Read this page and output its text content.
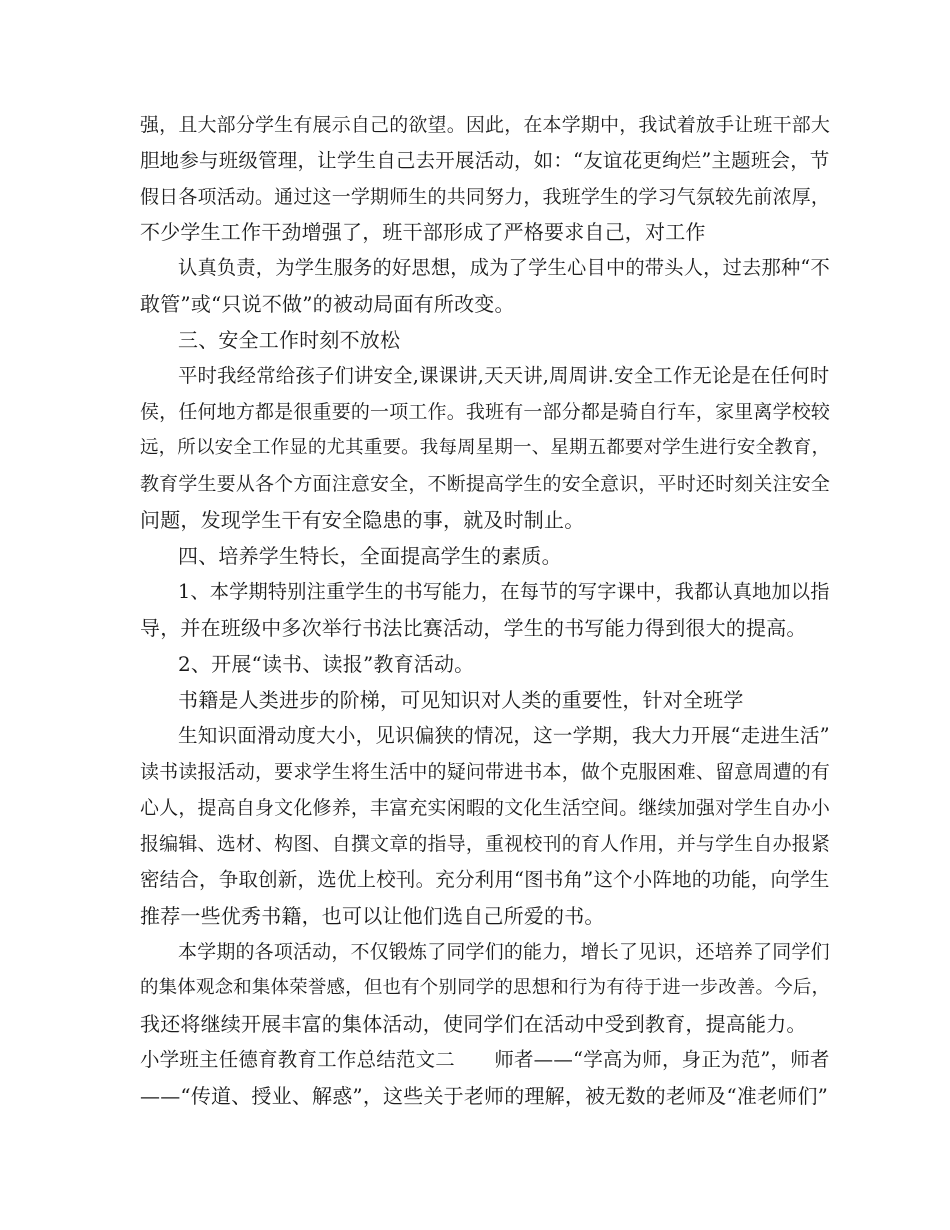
强，且大部分学生有展示自己的欲望。因此，在本学期中，我试着放手让班干部大
胆地参与班级管理，让学生自己去开展活动，如：“友谊花更绚烂”主题班会，节
假日各项活动。通过这一学期师生的共同努力，我班学生的学习气氛较先前浓厚，
不少学生工作干劲增强了，班干部形成了严格要求自己，对工作
认真负责，为学生服务的好思想，成为了学生心目中的带头人，过去那种“不
敢管”或“只说不做”的被动局面有所改变。
三、安全工作时刻不放松
平时我经常给孩子们讲安全,课课讲,天天讲,周周讲.安全工作无论是在任何时
侯，任何地方都是很重要的一项工作。我班有一部分都是骑自行车，家里离学校较
远，所以安全工作显的尤其重要。我每周星期一、星期五都要对学生进行安全教育，
教育学生要从各个方面注意安全，不断提高学生的安全意识，平时还时刻关注安全
问题，发现学生干有安全隐患的事，就及时制止。
四、培养学生特长，全面提高学生的素质。
1、本学期特别注重学生的书写能力，在每节的写字课中，我都认真地加以指
导，并在班级中多次举行书法比赛活动，学生的书写能力得到很大的提高。
2、开展“读书、读报”教育活动。
书籍是人类进步的阶梯，可见知识对人类的重要性，针对全班学
生知识面滑动度大小，见识偏狭的情况，这一学期，我大力开展“走进生活”
读书读报活动，要求学生将生活中的疑问带进书本，做个克服困难、留意周遭的有
心人，提高自身文化修养，丰富充实闲暇的文化生活空间。继续加强对学生自办小
报编辑、选材、构图、自撰文章的指导，重视校刊的育人作用，并与学生自办报紧
密结合，争取创新，选优上校刊。充分利用“图书角”这个小阵地的功能，向学生
推荐一些优秀书籍，也可以让他们选自己所爱的书。
本学期的各项活动，不仅锻炼了同学们的能力，增长了见识，还培养了同学们
的集体观念和集体荣誉感，但也有个别同学的思想和行为有待于进一步改善。今后，
我还将继续开展丰富的集体活动，使同学们在活动中受到教育，提高能力。
小学班主任德育教育工作总结范文二　　师者——“学高为师，身正为范”，师者
——“传道、授业、解惑”，这些关于老师的理解，被无数的老师及“准老师们”
